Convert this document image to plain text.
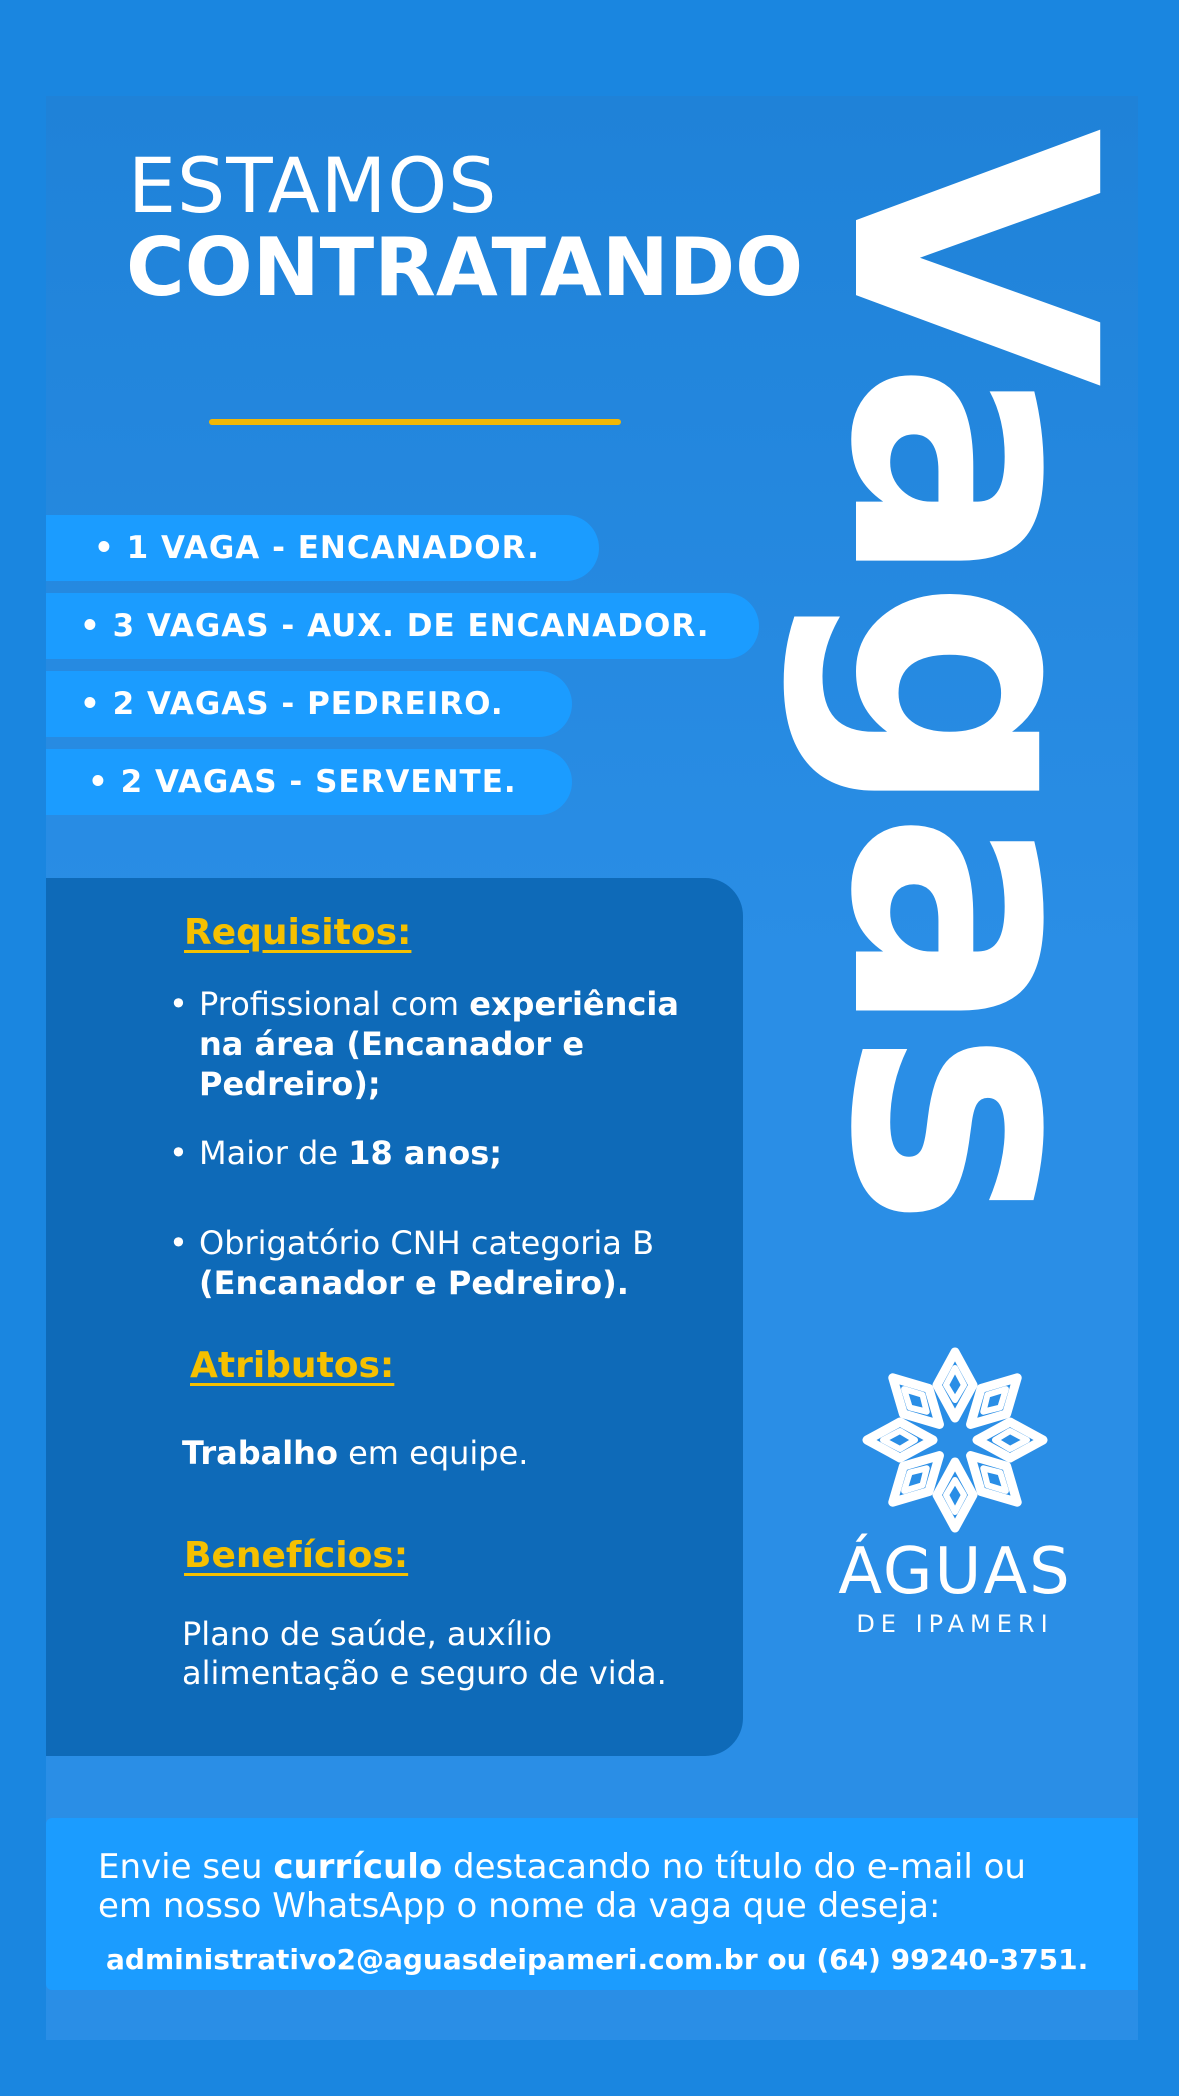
ESTAMOS
CONTRATANDO
• 1 VAGA - ENCANADOR.
• 3 VAGAS - AUX. DE ENCANADOR.
• 2 VAGAS - PEDREIRO.
• 2 VAGAS - SERVENTE. Vagas
Requisitos:
• Profissional com experiência
na área (Encanador e
Pedreiro);
• Maior de 18 anos;
• Obrigatório CNH categoria B
(Encanador e Pedreiro).
Atributos:
Trabalho em equipe.
Benefícios:
Plano de saúde, auxílio
alimentação e seguro de vida.
ÁGUAS
DE IPAMERI
Envie seu currículo destacando no título do e-mail ou
em nosso WhatsApp o nome da vaga que deseja:
administrativo2@aguasdeipameri.com.br ou (64) 99240-3751.
